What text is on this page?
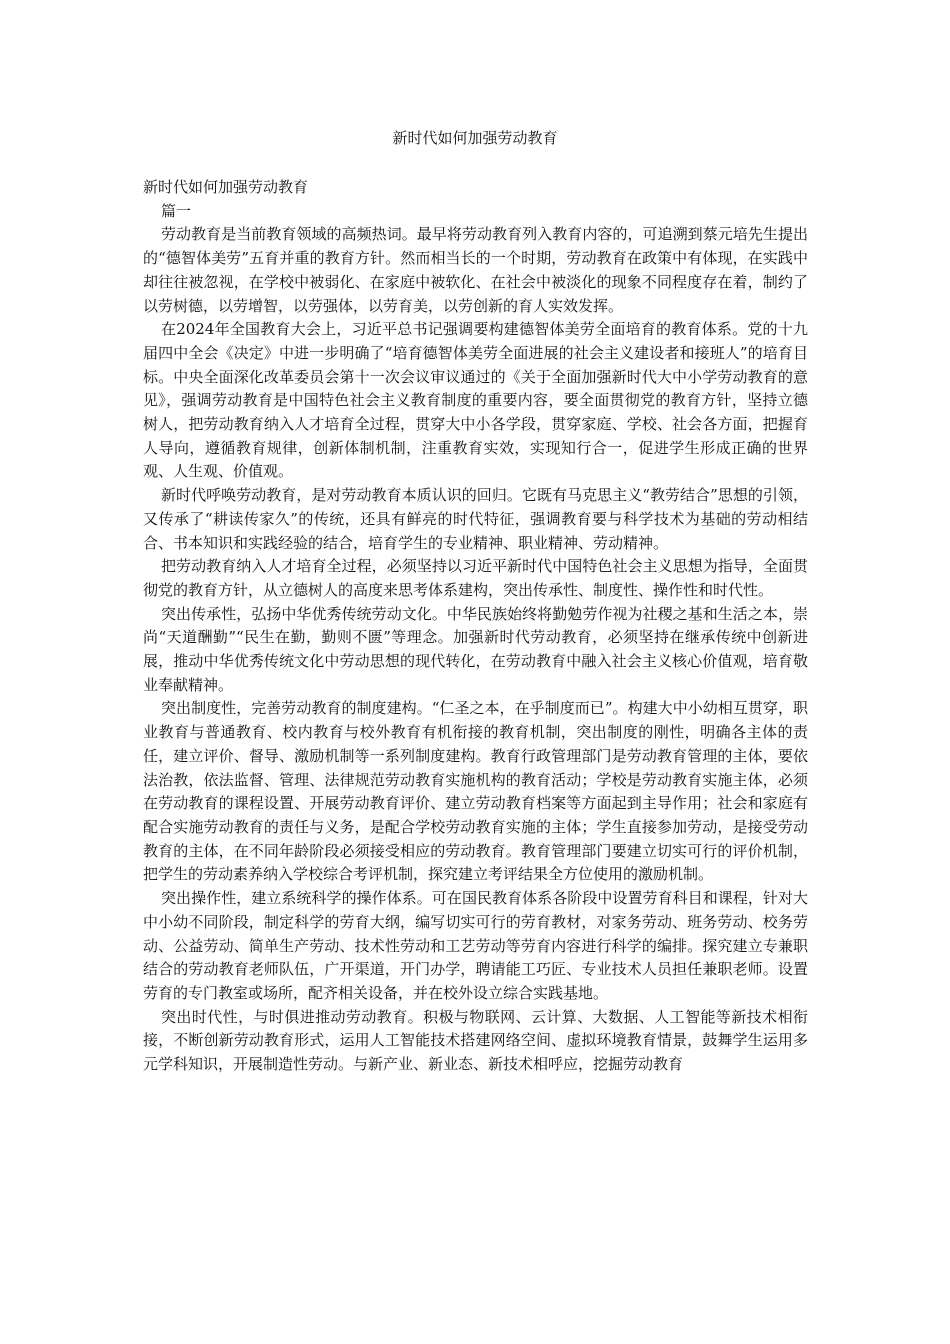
新时代如何加强劳动教育

新时代如何加强劳动教育

篇一

劳动教育是当前教育领域的高频热词。最早将劳动教育列入教育内容的，可追溯到蔡元培先生提出的“德智体美劳”五育并重的教育方针。然而相当长的一个时期，劳动教育在政策中有体现，在实践中却往往被忽视，在学校中被弱化、在家庭中被软化、在社会中被淡化的现象不同程度存在着，制约了以劳树德，以劳增智，以劳强体，以劳育美，以劳创新的育人实效发挥。

在2024年全国教育大会上，习近平总书记强调要构建德智体美劳全面培育的教育体系。党的十九届四中全会《决定》中进一步明确了“培育德智体美劳全面进展的社会主义建设者和接班人”的培育目标。中央全面深化改革委员会第十一次会议审议通过的《关于全面加强新时代大中小学劳动教育的意见》，强调劳动教育是中国特色社会主义教育制度的重要内容，要全面贯彻党的教育方针，坚持立德树人，把劳动教育纳入人才培育全过程，贯穿大中小各学段，贯穿家庭、学校、社会各方面，把握育人导向，遵循教育规律，创新体制机制，注重教育实效，实现知行合一，促进学生形成正确的世界观、人生观、价值观。

新时代呼唤劳动教育，是对劳动教育本质认识的回归。它既有马克思主义“教劳结合”思想的引领，又传承了“耕读传家久”的传统，还具有鲜亮的时代特征，强调教育要与科学技术为基础的劳动相结合、书本知识和实践经验的结合，培育学生的专业精神、职业精神、劳动精神。

把劳动教育纳入人才培育全过程，必须坚持以习近平新时代中国特色社会主义思想为指导，全面贯彻党的教育方针，从立德树人的高度来思考体系建构，突出传承性、制度性、操作性和时代性。

突出传承性，弘扬中华优秀传统劳动文化。中华民族始终将勤勉劳作视为社稷之基和生活之本，崇尚“天道酬勤”“民生在勤，勤则不匮”等理念。加强新时代劳动教育，必须坚持在继承传统中创新进展，推动中华优秀传统文化中劳动思想的现代转化，在劳动教育中融入社会主义核心价值观，培育敬业奉献精神。

突出制度性，完善劳动教育的制度建构。“仁圣之本，在乎制度而已”。构建大中小幼相互贯穿，职业教育与普通教育、校内教育与校外教育有机衔接的教育机制，突出制度的刚性，明确各主体的责任，建立评价、督导、激励机制等一系列制度建构。教育行政管理部门是劳动教育管理的主体，要依法治教，依法监督、管理、法律规范劳动教育实施机构的教育活动；学校是劳动教育实施主体，必须在劳动教育的课程设置、开展劳动教育评价、建立劳动教育档案等方面起到主导作用；社会和家庭有配合实施劳动教育的责任与义务，是配合学校劳动教育实施的主体；学生直接参加劳动，是接受劳动教育的主体，在不同年龄阶段必须接受相应的劳动教育。教育管理部门要建立切实可行的评价机制，把学生的劳动素养纳入学校综合考评机制，探究建立考评结果全方位使用的激励机制。

突出操作性，建立系统科学的操作体系。可在国民教育体系各阶段中设置劳育科目和课程，针对大中小幼不同阶段，制定科学的劳育大纲，编写切实可行的劳育教材，对家务劳动、班务劳动、校务劳动、公益劳动、简单生产劳动、技术性劳动和工艺劳动等劳育内容进行科学的编排。探究建立专兼职结合的劳动教育老师队伍，广开渠道，开门办学，聘请能工巧匠、专业技术人员担任兼职老师。设置劳育的专门教室或场所，配齐相关设备，并在校外设立综合实践基地。

突出时代性，与时俱进推动劳动教育。积极与物联网、云计算、大数据、人工智能等新技术相衔接，不断创新劳动教育形式，运用人工智能技术搭建网络空间、虚拟环境教育情景，鼓舞学生运用多元学科知识，开展制造性劳动。与新产业、新业态、新技术相呼应，挖掘劳动教育
